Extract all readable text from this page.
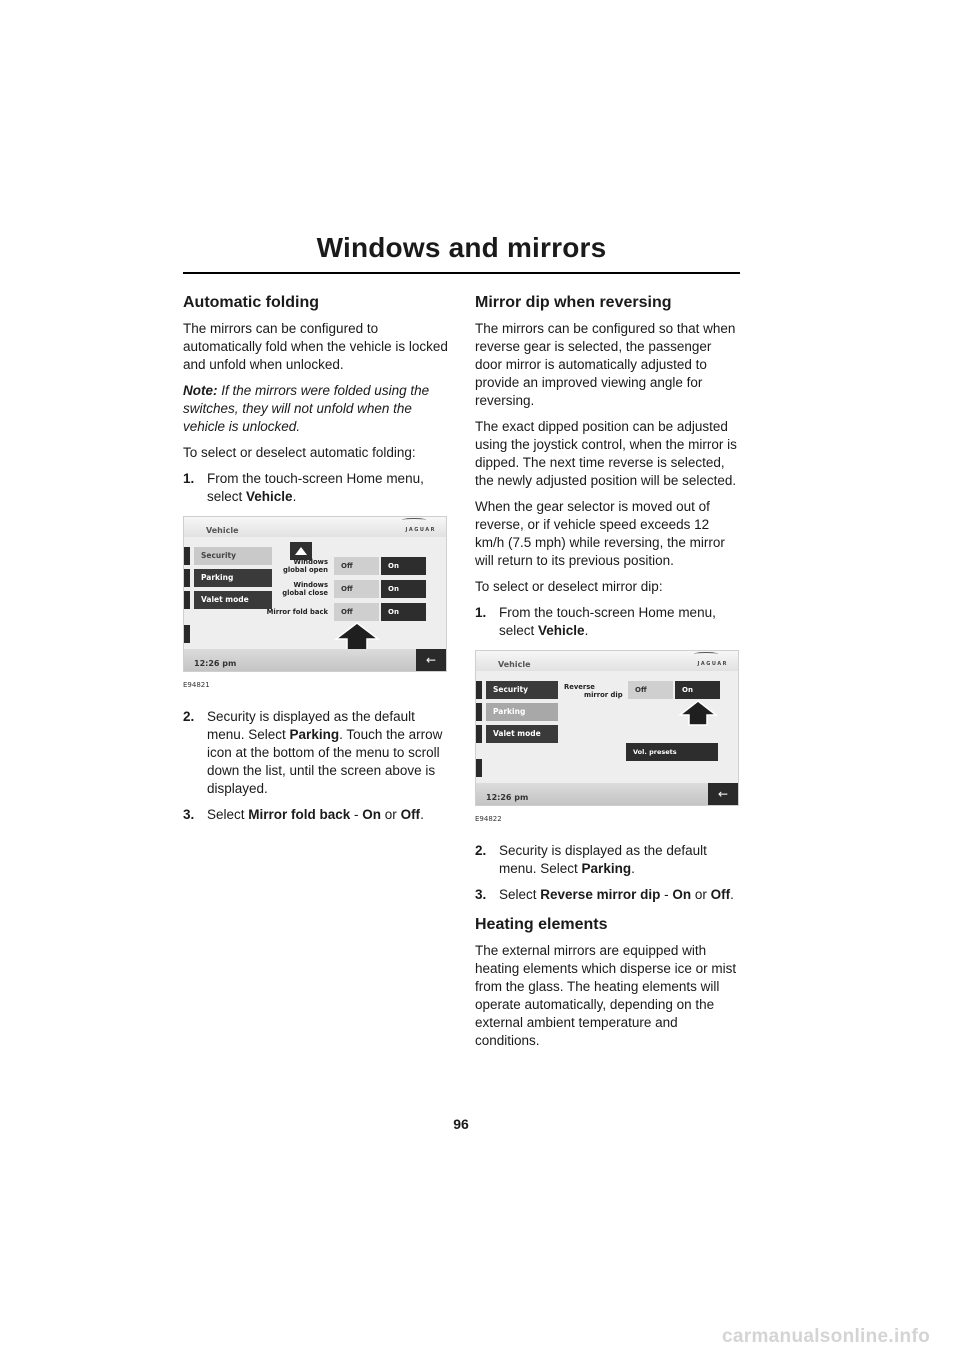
Windows and mirrors
Automatic folding

The mirrors can be configured to automatically fold when the vehicle is locked and unfold when unlocked.

Note: If the mirrors were folded using the switches, they will not unfold when the vehicle is unlocked.

To select or deselect automatic folding:

1. From the touch-screen Home menu, select Vehicle.
Vehicle	JAGUAR
Security
Parking
Valet mode
Windows
global open	Off	On
Windows
global close	Off	On
Mirror fold back	Off	On
12:26 pm	←
E94821
2. Security is displayed as the default menu. Select Parking. Touch the arrow icon at the bottom of the menu to scroll down the list, until the screen above is displayed.
3. Select Mirror fold back - On or Off.
Mirror dip when reversing

The mirrors can be configured so that when reverse gear is selected, the passenger door mirror is automatically adjusted to provide an improved viewing angle for reversing.

The exact dipped position can be adjusted using the joystick control, when the mirror is dipped. The next time reverse is selected, the newly adjusted position will be selected.

When the gear selector is moved out of reverse, or if vehicle speed exceeds 12 km/h (7.5 mph) while reversing, the mirror will return to its previous position.

To select or deselect mirror dip:

1. From the touch-screen Home menu, select Vehicle.
Vehicle	JAGUAR
Security
Parking
Valet mode
Reverse
mirror dip
Off	On
Vol. presets
12:26 pm	←
E94822
2. Security is displayed as the default menu. Select Parking.
3. Select Reverse mirror dip - On or Off.
Heating elements

The external mirrors are equipped with heating elements which disperse ice or mist from the glass. The heating elements will operate automatically, depending on the external ambient temperature and conditions.

96
carmanualsonline.info
